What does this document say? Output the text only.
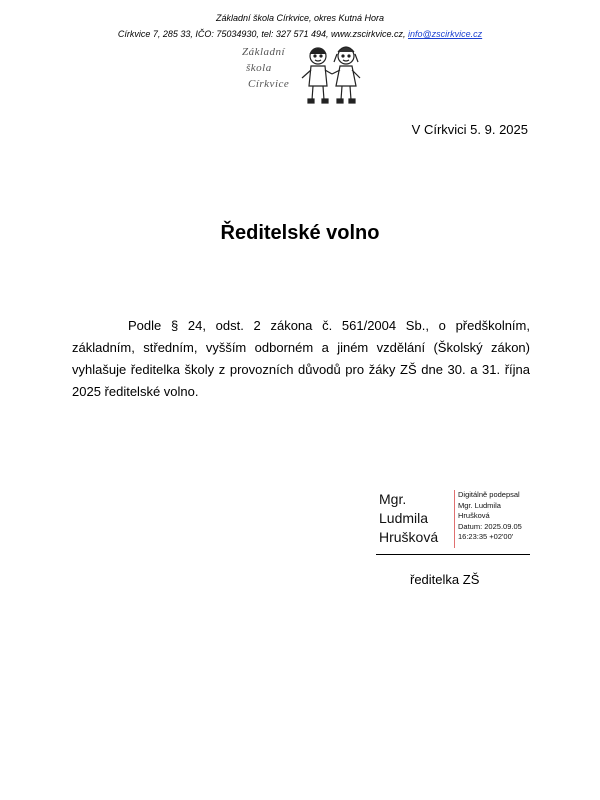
Základní škola Církvice, okres Kutná Hora
Církvice 7, 285 33, IČO: 75034930, tel: 327 571 494, www.zscirkvice.cz, info@zscirkvice.cz
Základní
škola
Církvice
V Církvici 5. 9. 2025
Ředitelské volno
Podle § 24, odst. 2 zákona č. 561/2004 Sb., o předškolním, základním, středním, vyšším odborném a jiném vzdělání (Školský zákon) vyhlašuje ředitelka školy z provozních důvodů pro žáky ZŠ dne 30. a 31. října 2025 ředitelské volno.
Mgr.
Ludmila
Hrušková
Digitálně podepsal
Mgr. Ludmila
Hrušková
Datum: 2025.09.05
16:23:35 +02'00'
ředitelka ZŠ
